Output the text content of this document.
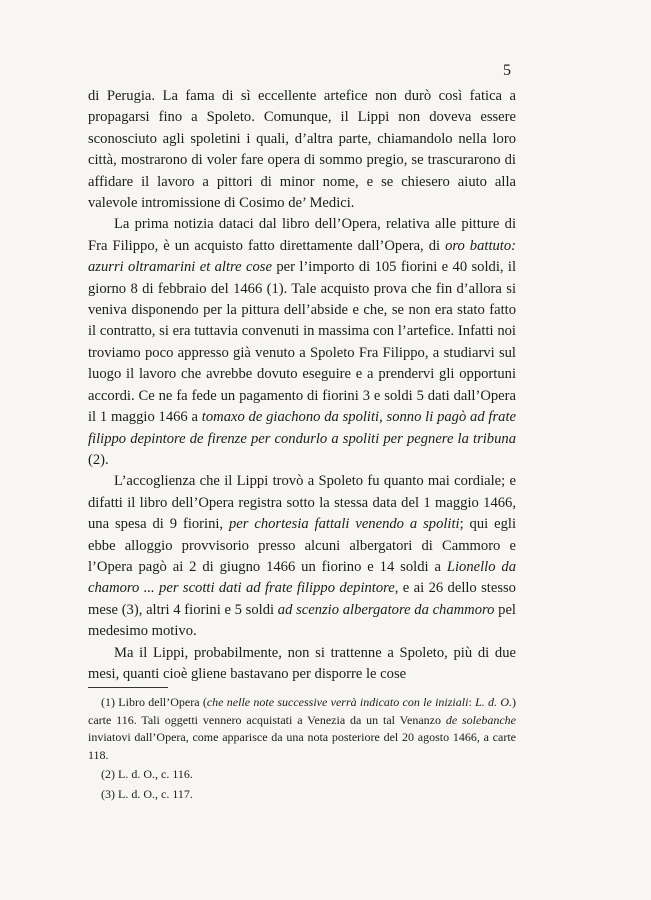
5

di Perugia. La fama di sì eccellente artefice non durò così fatica a propagarsi fino a Spoleto. Comunque, il Lippi non doveva essere sconosciuto agli spoletini i quali, d’altra parte, chiamandolo nella loro città, mostrarono di voler fare opera di sommo pregio, se trascurarono di affidare il lavoro a pittori di minor nome, e se chiesero aiuto alla valevole intromissione di Cosimo de’ Medici.

La prima notizia dataci dal libro dell’Opera, relativa alle pitture di Fra Filippo, è un acquisto fatto direttamente dall’Opera, di oro battuto: azurri oltramarini et altre cose per l’importo di 105 fiorini e 40 soldi, il giorno 8 di febbraio del 1466 (1). Tale acquisto prova che fin d’allora si veniva disponendo per la pittura dell’abside e che, se non era stato fatto il contratto, si era tuttavia convenuti in massima con l’artefice. Infatti noi troviamo poco appresso già venuto a Spoleto Fra Filippo, a studiarvi sul luogo il lavoro che avrebbe dovuto eseguire e a prendervi gli opportuni accordi. Ce ne fa fede un pagamento di fiorini 3 e soldi 5 dati dall’Opera il 1 maggio 1466 a tomaxo de giachono da spoliti, sonno li pagò ad frate filippo depintore de firenze per condurlo a spoliti per pegnere la tribuna (2).

L’accoglienza che il Lippi trovò a Spoleto fu quanto mai cordiale; e difatti il libro dell’Opera registra sotto la stessa data del 1 maggio 1466, una spesa di 9 fiorini, per chortesia fattali venendo a spoliti; qui egli ebbe alloggio provvisorio presso alcuni albergatori di Cammoro e l’Opera pagò ai 2 di giugno 1466 un fiorino e 14 soldi a Lionello da chamoro ... per scotti dati ad frate filippo depintore, e ai 26 dello stesso mese (3), altri 4 fiorini e 5 soldi ad scenzio albergatore da chammoro pel medesimo motivo.

Ma il Lippi, probabilmente, non si trattenne a Spoleto, più di due mesi, quanti cioè gliene bastavano per disporre le cose

(1) Libro dell’Opera (che nelle note successive verrà indicato con le iniziali: L. d. O.) carte 116. Tali oggetti vennero acquistati a Venezia da un tal Venanzo de solebanche inviatovi dall’Opera, come apparisce da una nota posteriore del 20 agosto 1466, a carte 118.

(2) L. d. O., c. 116.

(3) L. d. O., c. 117.
